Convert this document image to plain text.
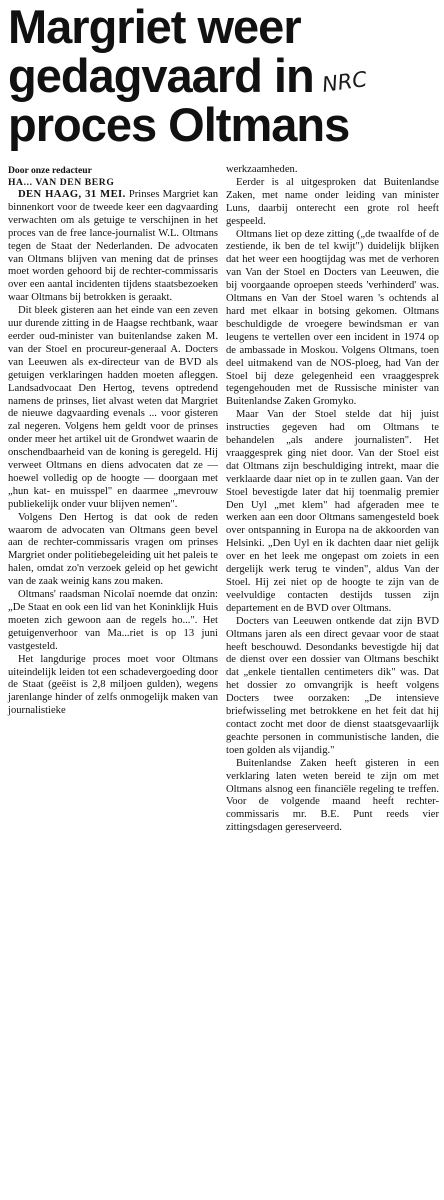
Margriet weer
gedagvaard in
proces Oltmans
NRC
Door onze redacteur
HA... VAN DEN BERG

DEN HAAG, 31 MEI. Prinses Margriet kan binnenkort voor de tweede keer een dagvaarding verwachten om als getuige te verschijnen in het proces van de free lance-journalist W.L. Oltmans tegen de Staat der Nederlanden. De advocaten van Oltmans blijven van mening dat de prinses moet worden gehoord bij de rechter-commissaris over een aantal incidenten tijdens staatsbezoeken waar Oltmans bij betrokken is geraakt.

Dit bleek gisteren aan het einde van een zeven uur durende zitting in de Haagse rechtbank, waar eerder oud-minister van buitenlandse zaken M. van der Stoel en procureur-generaal A. Docters van Leeuwen als ex-directeur van de BVD als getuigen verklaringen hadden moeten afleggen. Landsadvocaat Den Hertog, tevens optredend namens de prinses, liet alvast weten dat Margriet de nieuwe dagvaarding evenals ... voor gisteren zal negeren. Volgens hem geldt voor de prinses onder meer het artikel uit de Grondwet waarin de onschendbaarheid van de koning is geregeld. Hij verweet Oltmans en diens advocaten dat ze — hoewel volledig op de hoogte — doorgaan met „hun kat- en muisspel" en daarmee „mevrouw publiekelijk onder vuur blijven nemen".

Volgens Den Hertog is dat ook de reden waarom de advocaten van Oltmans geen bevel aan de rechter-commissaris vragen om prinses Margriet onder politiebegeleiding uit het paleis te halen, omdat zo'n verzoek geleid op het gewicht van de zaak weinig kans zou maken.

Oltmans' raadsman Nicolaï noemde dat onzin: „De Staat en ook een lid van het Koninklijk Huis moeten zich gewoon aan de regels ho...". Het getuigenverhoor van Ma...riet is op 13 juni vastgesteld.

Het langdurige proces moet voor Oltmans uiteindelijk leiden tot een schadevergoeding door de Staat (geëist is 2,8 miljoen gulden), wegens jarenlange hinder of zelfs onmogelijk maken van journalistieke

werkzaamheden.

Eerder is al uitgesproken dat Buitenlandse Zaken, met name onder leiding van minister Luns, daarbij onterecht een grote rol heeft gespeeld.

Oltmans liet op deze zitting („de twaalfde of de zestiende, ik ben de tel kwijt") duidelijk blijken dat het weer een hoogtijdag was met de verhoren van Van der Stoel en Docters van Leeuwen, die bij voorgaande oproepen steeds 'verhinderd' was. Oltmans en Van der Stoel waren 's ochtends al hard met elkaar in botsing gekomen. Oltmans beschuldigde de vroegere bewindsman er van leugens te vertellen over een incident in 1974 op de ambassade in Moskou. Volgens Oltmans, toen deel uitmakend van de NOS-ploeg, had Van der Stoel bij deze gelegenheid een vraaggesprek tegengehouden met de Russische minister van Buitenlandse Zaken Gromyko.

Maar Van der Stoel stelde dat hij juist instructies gegeven had om Oltmans te behandelen „als andere journalisten". Het vraaggesprek ging niet door. Van der Stoel eist dat Oltmans zijn beschuldiging intrekt, maar die verklaarde daar niet op in te zullen gaan. Van der Stoel bevestigde later dat hij toenmalig premier Den Uyl „met klem" had afgeraden mee te werken aan een door Oltmans samengesteld boek over ontspanning in Europa na de akkoorden van Helsinki. „Den Uyl en ik dachten daar niet gelijk over en het leek me ongepast om zoiets in een dergelijk werk terug te vinden", aldus Van der Stoel. Hij zei niet op de hoogte te zijn van de veelvuldige contacten destijds tussen zijn departement en de BVD over Oltmans.

Docters van Leeuwen ontkende dat zijn BVD Oltmans jaren als een direct gevaar voor de staat heeft beschouwd. Desondanks bevestigde hij dat de dienst over een dossier van Oltmans beschikt dat „enkele tientallen centimeters dik" was. Dat het dossier zo omvangrijk is heeft volgens Docters twee oorzaken: „De intensieve briefwisseling met betrokkene en het feit dat hij contact zocht met door de dienst staatsgevaarlijk geachte personen in communistische landen, die toen golden als vijandig."

Buitenlandse Zaken heeft gisteren in een verklaring laten weten bereid te zijn om met Oltmans alsnog een financiële regeling te treffen. Voor de volgende maand heeft rechter-commissaris mr. B.E. Punt reeds vier zittingsdagen gereserveerd.
